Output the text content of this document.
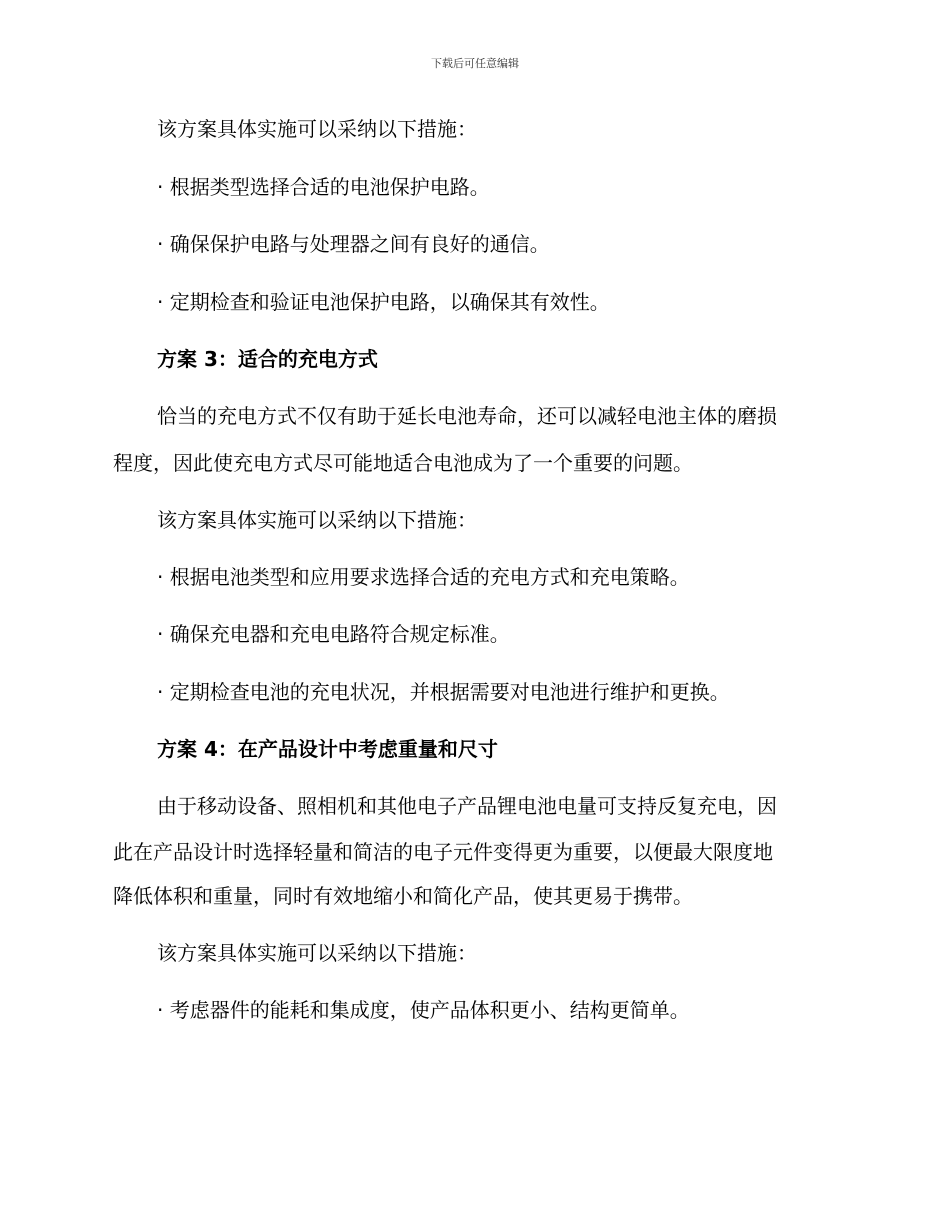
下载后可任意编辑
该方案具体实施可以采纳以下措施：
· 根据类型选择合适的电池保护电路。
· 确保保护电路与处理器之间有良好的通信。
· 定期检查和验证电池保护电路，以确保其有效性。
方案 3：适合的充电方式
恰当的充电方式不仅有助于延长电池寿命，还可以减轻电池主体的磨损
程度，因此使充电方式尽可能地适合电池成为了一个重要的问题。
该方案具体实施可以采纳以下措施：
· 根据电池类型和应用要求选择合适的充电方式和充电策略。
· 确保充电器和充电电路符合规定标准。
· 定期检查电池的充电状况，并根据需要对电池进行维护和更换。
方案 4：在产品设计中考虑重量和尺寸
由于移动设备、照相机和其他电子产品锂电池电量可支持反复充电，因
此在产品设计时选择轻量和简洁的电子元件变得更为重要，以便最大限度地
降低体积和重量，同时有效地缩小和简化产品，使其更易于携带。
该方案具体实施可以采纳以下措施：
· 考虑器件的能耗和集成度，使产品体积更小、结构更简单。
